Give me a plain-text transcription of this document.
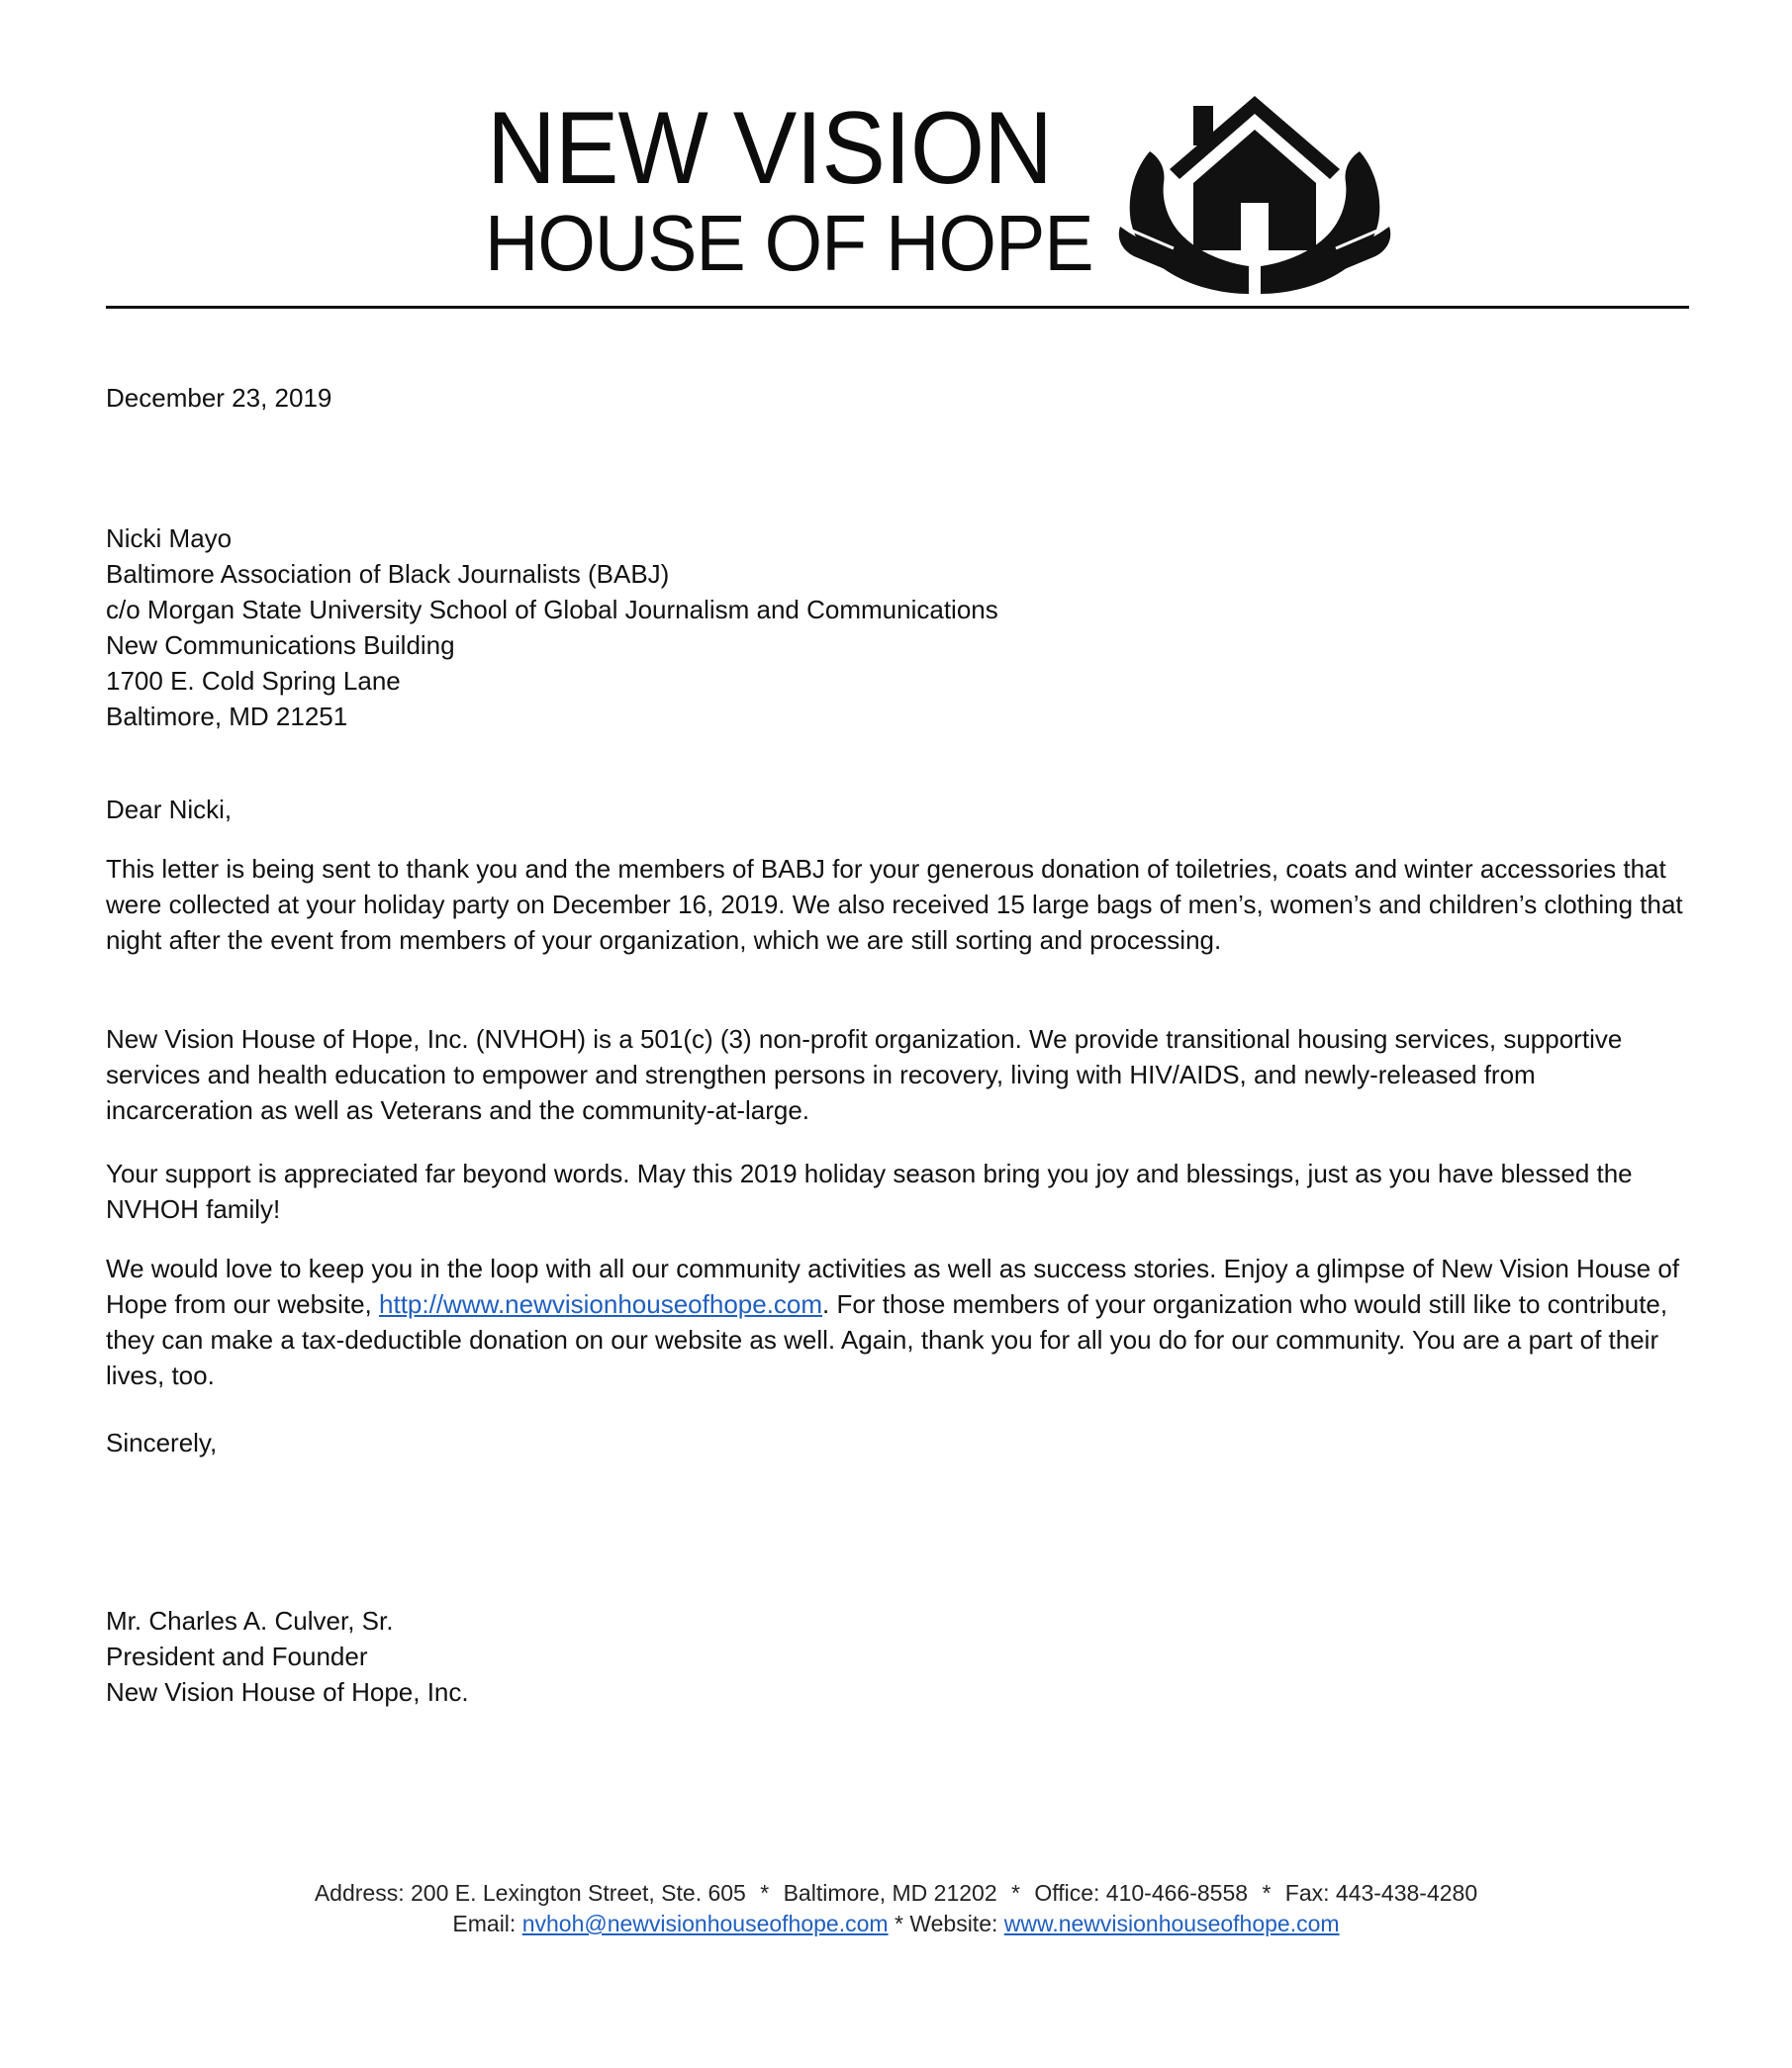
NEW VISION
HOUSE OF HOPE
December 23, 2019
Nicki Mayo
Baltimore Association of Black Journalists (BABJ)
c/o Morgan State University School of Global Journalism and Communications
New Communications Building
1700 E. Cold Spring Lane
Baltimore, MD 21251
Dear Nicki,

This letter is being sent to thank you and the members of BABJ for your generous donation of toiletries, coats and winter accessories that were collected at your holiday party on December 16, 2019. We also received 15 large bags of men’s, women’s and children’s clothing that night after the event from members of your organization, which we are still sorting and processing.

New Vision House of Hope, Inc. (NVHOH) is a 501(c) (3) non-profit organization. We provide transitional housing services, supportive services and health education to empower and strengthen persons in recovery, living with HIV/AIDS, and newly-released from incarceration as well as Veterans and the community-at-large.

Your support is appreciated far beyond words. May this 2019 holiday season bring you joy and blessings, just as you have blessed the NVHOH family!

We would love to keep you in the loop with all our community activities as well as success stories. Enjoy a glimpse of New Vision House of Hope from our website, http://www.newvisionhouseofhope.com. For those members of your organization who would still like to contribute, they can make a tax-deductible donation on our website as well. Again, thank you for all you do for our community. You are a part of their lives, too.

Sincerely,
Mr. Charles A. Culver, Sr.
President and Founder
New Vision House of Hope, Inc.
Address: 200 E. Lexington Street, Ste. 605 * Baltimore, MD 21202 * Office: 410-466-8558 * Fax: 443-438-4280
Email: nvhoh@newvisionhouseofhope.com * Website: www.newvisionhouseofhope.com
